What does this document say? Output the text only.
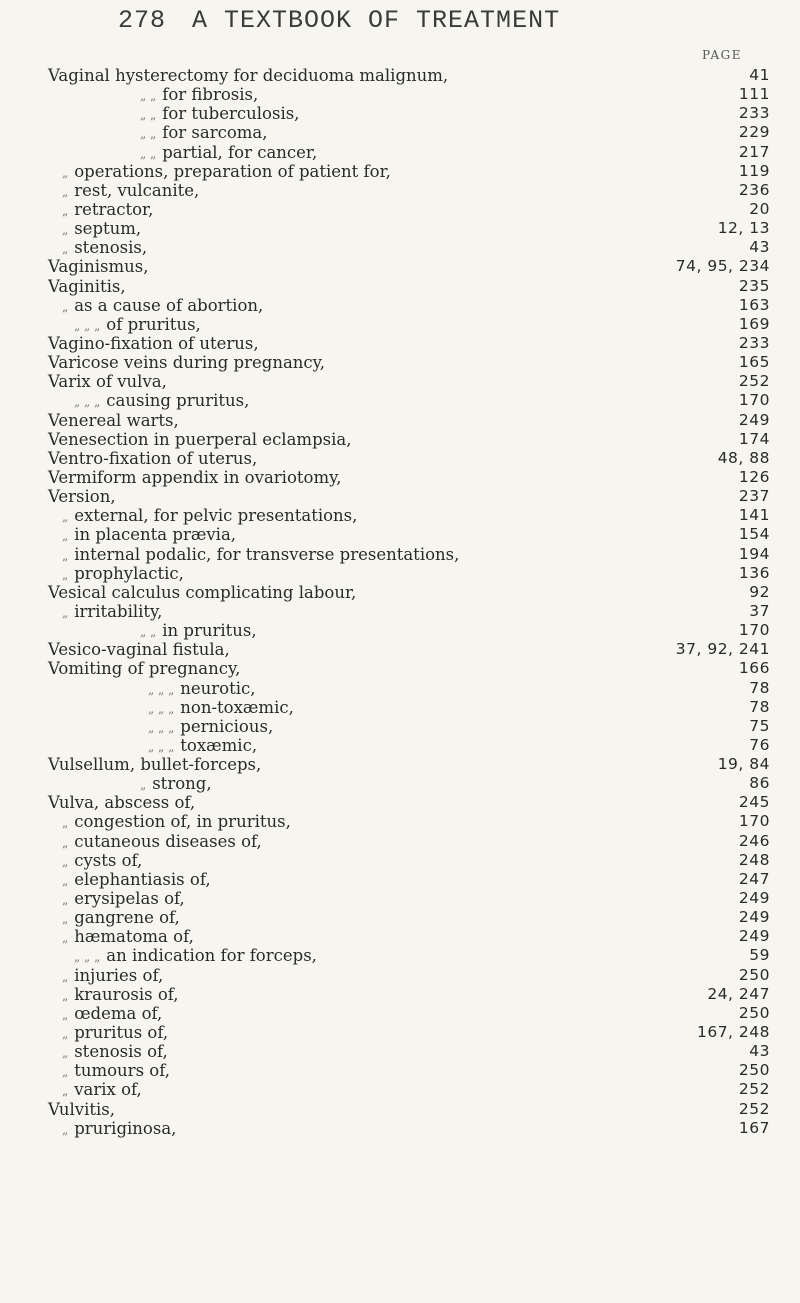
278 A TEXTBOOK OF TREATMENT
PAGE
Vaginal hysterectomy for deciduoma malignum,	41
„ „ for fibrosis,	111
„ „ for tuberculosis,	233
„ „ for sarcoma,	229
„ „ partial, for cancer,	217
„ operations, preparation of patient for,	119
„ rest, vulcanite,	236
„ retractor,	20
„ septum,	12, 13
„ stenosis,	43
Vaginismus,	74, 95, 234
Vaginitis,	235
„ as a cause of abortion,	163
„ „ „ of pruritus,	169
Vagino-fixation of uterus,	233
Varicose veins during pregnancy,	165
Varix of vulva,	252
„ „ „ causing pruritus,	170
Venereal warts,	249
Venesection in puerperal eclampsia,	174
Ventro-fixation of uterus,	48, 88
Vermiform appendix in ovariotomy,	126
Version,	237
„ external, for pelvic presentations,	141
„ in placenta prævia,	154
„ internal podalic, for transverse presentations,	194
„ prophylactic,	136
Vesical calculus complicating labour,	92
„ irritability,	37
„ „ in pruritus,	170
Vesico-vaginal fistula,	37, 92, 241
Vomiting of pregnancy,	166
„ „ „ neurotic,	78
„ „ „ non-toxæmic,	78
„ „ „ pernicious,	75
„ „ „ toxæmic,	76
Vulsellum, bullet-forceps,	19, 84
„ strong,	86
Vulva, abscess of,	245
„ congestion of, in pruritus,	170
„ cutaneous diseases of,	246
„ cysts of,	248
„ elephantiasis of,	247
„ erysipelas of,	249
„ gangrene of,	249
„ hæmatoma of,	249
„ „ „ an indication for forceps,	59
„ injuries of,	250
„ kraurosis of,	24, 247
„ œdema of,	250
„ pruritus of,	167, 248
„ stenosis of,	43
„ tumours of,	250
„ varix of,	252
Vulvitis,	252
„ pruriginosa,	167
